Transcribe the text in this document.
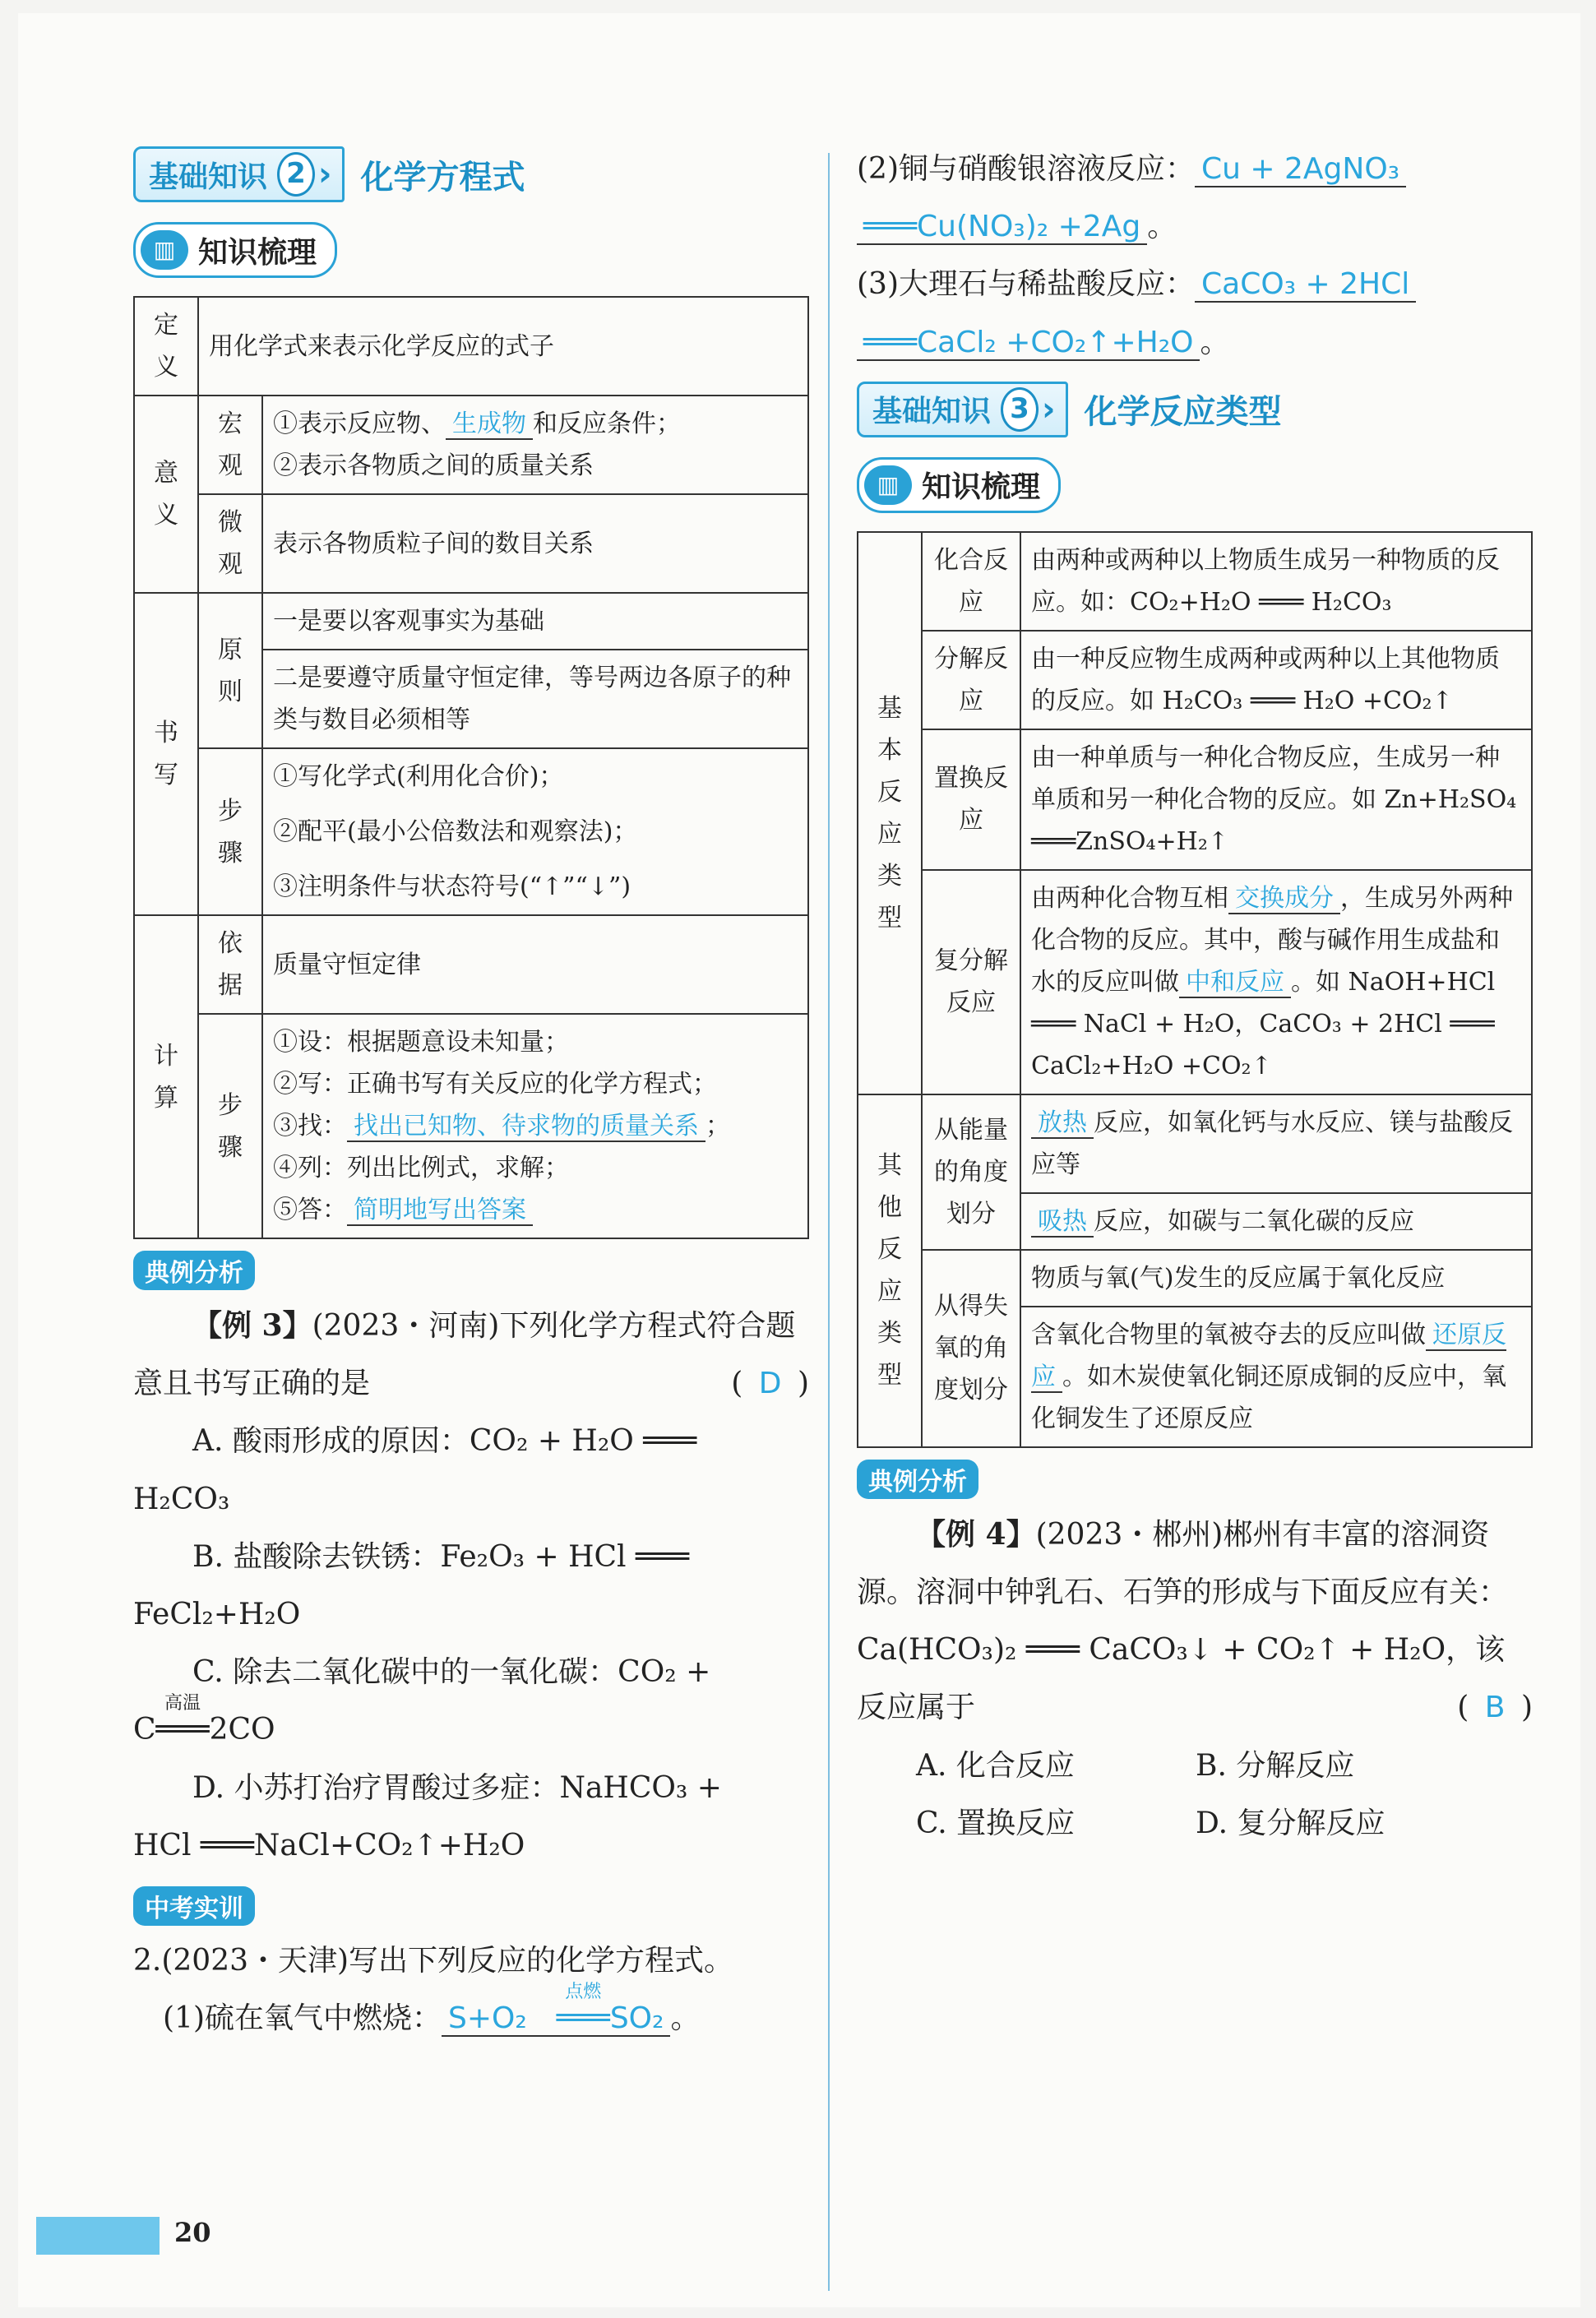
基础知识 2 › 化学方程式
▥ 知识梳理
定义	用化学式来表示化学反应的式子	
意义	宏观	①表示反应物、 生成物 和反应条件；
②表示各物质之间的质量关系

	微观	表示各物质粒子间的数目关系
书写	原则	一是要以客观事实为基础
		二是要遵守质量守恒定律，等号两边各原子的种类与数目必须相等
	步骤	①写化学式(利用化合价)；

		②配平(最小公倍数法和观察法)；

		③注明条件与状态符号(“↑”“↓”)

计算	依据	质量守恒定律
	步骤	①设：根据题意设未知量；
②写：正确书写有关反应的化学方程式；
③找： 找出已知物、待求物的质量关系 ；
④列：列出比例式，求解；
⑤答： 简明地写出答案
典例分析

【例 3】(2023・河南)下列化学方程式符合题意且书写正确的是	( D )

A. 酸雨形成的原因：CO₂ + H₂O ═══

H₂CO₃

B. 盐酸除去铁锈：Fe₂O₃ + HCl ═══

FeCl₂+H₂O

C. 除去二氧化碳中的一氧化碳：CO₂ +

C
高温
═══2CO

D. 小苏打治疗胃酸过多症：NaHCO₃ +

HCl ═══NaCl+CO₂↑+H₂O

中考实训

2.(2023・天津)写出下列反应的化学方程式。

(1)硫在氧气中燃烧： S+O₂
点燃
═══SO₂ 。

(2)铜与硝酸银溶液反应： Cu + 2AgNO₃

═══Cu(NO₃)₂ +2Ag 。

(3)大理石与稀盐酸反应： CaCO₃ + 2HCl

═══CaCl₂ +CO₂↑+H₂O 。

基础知识 3 › 化学反应类型
▥ 知识梳理
基本反应类型	化合反应	由两种或两种以上物质生成另一种物质的反应。如：CO₂+H₂O ═══ H₂CO₃
	分解反应	由一种反应物生成两种或两种以上其他物质的反应。如 H₂CO₃ ═══ H₂O +CO₂↑
	置换反应	由一种单质与一种化合物反应，生成另一种单质和另一种化合物的反应。如 Zn+H₂SO₄ ═══ZnSO₄+H₂↑
	复分解反应	由两种化合物互相 交换成分 ，生成另外两种化合物的反应。其中，酸与碱作用生成盐和水的反应叫做 中和反应 。如 NaOH+HCl ═══ NaCl + H₂O，CaCO₃ + 2HCl ═══ CaCl₂+H₂O +CO₂↑
其他反应类型	从能量的角度划分	放热 反应，如氧化钙与水反应、镁与盐酸反应等
		吸热 反应，如碳与二氧化碳的反应
	从得失氧的角度划分	物质与氧(气)发生的反应属于氧化反应
		含氧化合物里的氧被夺去的反应叫做 还原反应 。如木炭使氧化铜还原成铜的反应中，氧化铜发生了还原反应
典例分析

【例 4】(2023・郴州)郴州有丰富的溶洞资源。溶洞中钟乳石、石笋的形成与下面反应有关：Ca(HCO₃)₂ ═══ CaCO₃↓ + CO₂↑ + H₂O，该反应属于	( B )

A. 化合反应	B. 分解反应

C. 置换反应	D. 复分解反应

20
